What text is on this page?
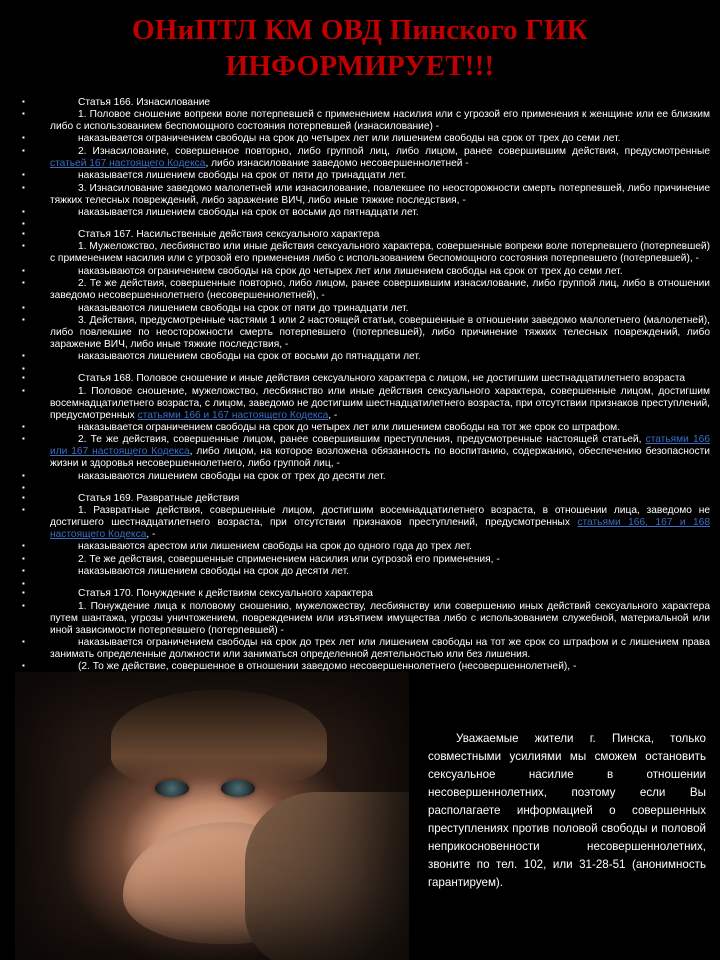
ОНиПТЛ КМ ОВД Пинского ГИК ИНФОРМИРУЕТ!!!
▪ Статья 166. Изнасилование
▪ 1. Половое сношение вопреки воле потерпевшей с применением насилия или с угрозой его применения к женщине или ее близким либо с использованием беспомощного состояния потерпевшей (изнасилование) -
▪ наказывается ограничением свободы на срок до четырех лет или лишением свободы на срок от трех до семи лет.
▪ 2. Изнасилование, совершенное повторно, либо группой лиц, либо лицом, ранее совершившим действия, предусмотренные статьей 167 настоящего Кодекса, либо изнасилование заведомо несовершеннолетней -
▪ наказывается лишением свободы на срок от пяти до тринадцати лет.
▪ 3. Изнасилование заведомо малолетней или изнасилование, повлекшее по неосторожности смерть потерпевшей, либо причинение тяжких телесных повреждений, либо заражение ВИЧ, либо иные тяжкие последствия, -
▪ наказывается лишением свободы на срок от восьми до пятнадцати лет.
▪
▪ Статья 167. Насильственные действия сексуального характера
▪ 1. Мужеложство, лесбиянство или иные действия сексуального характера, совершенные вопреки воле потерпевшего (потерпевшей) с применением насилия или с угрозой его применения либо с использованием беспомощного состояния потерпевшего (потерпевшей), -
▪ наказываются ограничением свободы на срок до четырех лет или лишением свободы на срок от трех до семи лет.
▪ 2. Те же действия, совершенные повторно, либо лицом, ранее совершившим изнасилование, либо группой лиц, либо в отношении заведомо несовершеннолетнего (несовершеннолетней), -
▪ наказываются лишением свободы на срок от пяти до тринадцати лет.
▪ 3. Действия, предусмотренные частями 1 или 2 настоящей статьи, совершенные в отношении заведомо малолетнего (малолетней), либо повлекшие по неосторожности смерть потерпевшего (потерпевшей), либо причинение тяжких телесных повреждений, либо заражение ВИЧ, либо иные тяжкие последствия, -
▪ наказываются лишением свободы на срок от восьми до пятнадцати лет.
▪
▪ Статья 168. Половое сношение и иные действия сексуального характера с лицом, не достигшим шестнадцатилетнего возраста
▪ 1. Половое сношение, мужеложство, лесбиянство или иные действия сексуального характера, совершенные лицом, достигшим восемнадцатилетнего возраста, с лицом, заведомо не достигшим шестнадцатилетнего возраста, при отсутствии признаков преступлений, предусмотренных статьями 166 и 167 настоящего Кодекса, -
▪ наказывается ограничением свободы на срок до четырех лет или лишением свободы на тот же срок со штрафом.
▪ 2. Те же действия, совершенные лицом, ранее совершившим преступления, предусмотренные настоящей статьей, статьями 166 или 167 настоящего Кодекса, либо лицом, на которое возложена обязанность по воспитанию, содержанию, обеспечению безопасности жизни и здоровья несовершеннолетнего, либо группой лиц, -
▪ наказываются лишением свободы на срок от трех до десяти лет.
▪
▪ Статья 169. Развратные действия
▪ 1. Развратные действия, совершенные лицом, достигшим восемнадцатилетнего возраста, в отношении лица, заведомо не достигшего шестнадцатилетнего возраста, при отсутствии признаков преступлений, предусмотренных статьями 166, 167 и 168 настоящего Кодекса, -
▪ наказываются арестом или лишением свободы на срок до одного года до трех лет.
▪ 2. Те же действия, совершенные сприменением насилия или сугрозой его применения, -
▪ наказываются лишением свободы на срок до десяти лет.
▪
▪ Статья 170. Понуждение к действиям сексуального характера
▪ 1. Понуждение лица к половому сношению, мужеложеству, лесбиянству или совершению иных действий сексуального характера путем шантажа, угрозы уничтожением, повреждением или изъятием имущества либо с использованием служебной, материальной или иной зависимости потерпевшего (потерпевшей) -
▪ наказывается ограничением свободы на срок до трех лет или лишением свободы на тот же срок со штрафом и с лишением права занимать определенные должности или заниматься определенной деятельностью или без лишения.
▪ (2. То же действие, совершенное в отношении заведомо несовершеннолетнего (несовершеннолетней), -
▪
Уважаемые жители г. Пинска, только совместными усилиями мы сможем остановить сексуальное насилие в отношении несовершеннолетних, поэтому если Вы располагаете информацией о совершенных преступлениях против половой свободы и половой неприкосновенности несовершеннолетних, звоните по тел. 102, или 31-28-51 (анонимность гарантируем).
